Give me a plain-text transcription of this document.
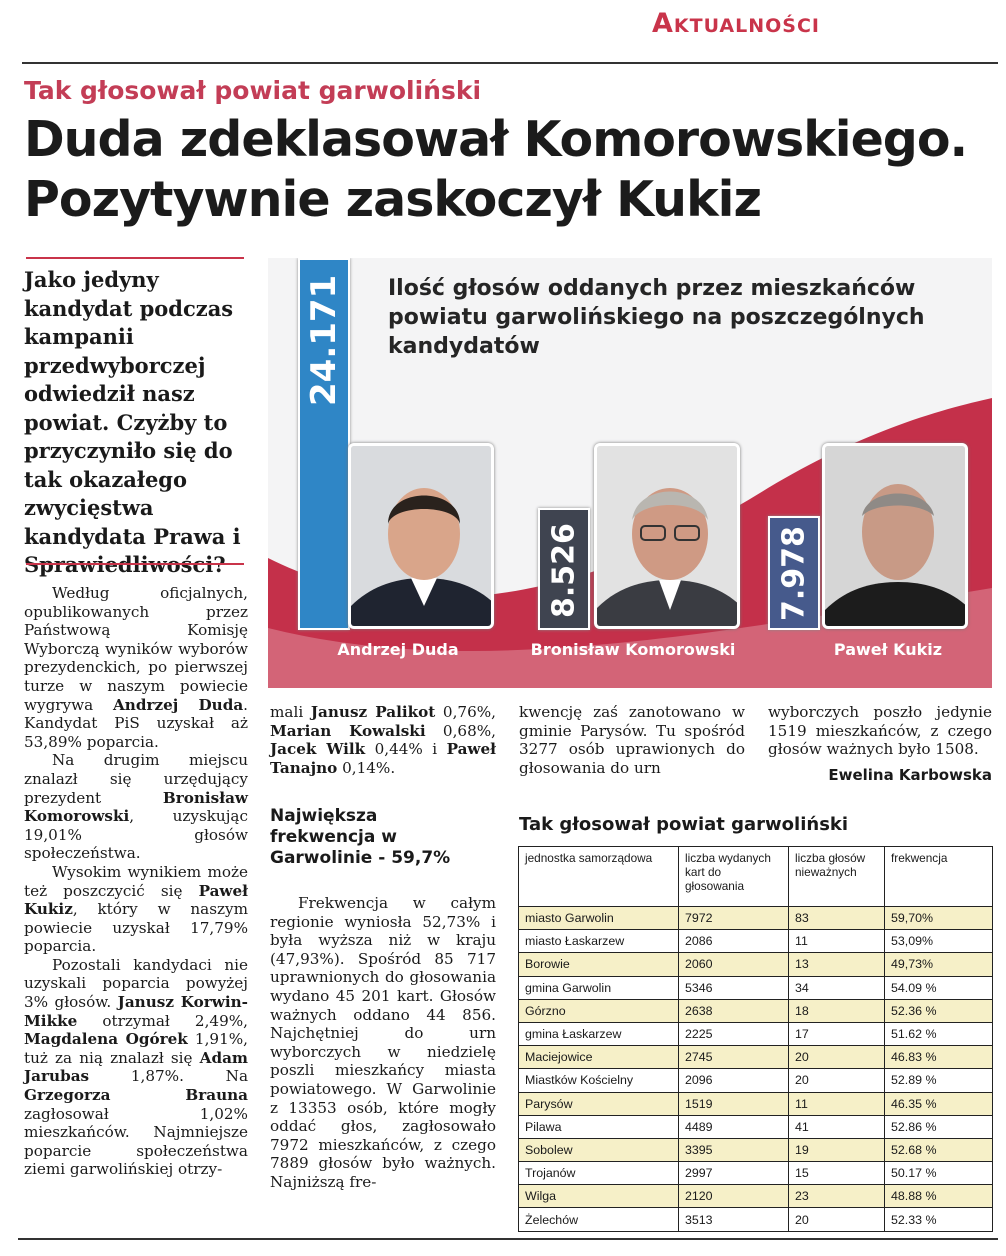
Aktualności
Tak głosował powiat garwoliński
Duda zdeklasował Komorowskiego.
Pozytywnie zaskoczył Kukiz
Jako jedyny kandydat podczas kampanii przedwyborczej odwiedził nasz powiat. Czyżby to przyczyniło się do tak okazałego zwycięstwa kandydata Prawa i Sprawiedliwości?
Ilość głosów oddanych przez mieszkańców powiatu garwolińskiego na poszczególnych kandydatów
24.171
Andrzej Duda
8.526
Bronisław Komorowski
7.978
Paweł Kukiz

Według oficjalnych, opublikowanych przez Państwową Komisję Wyborczą wyników wyborów prezydenckich, po pierwszej turze w naszym powiecie wygrywa Andrzej Duda. Kandydat PiS uzyskał aż 53,89% poparcia.

Na drugim miejscu znalazł się urzędujący prezydent Bronisław Komorowski, uzyskując 19,01% głosów społeczeństwa.

Wysokim wynikiem może też poszczycić się Paweł Kukiz, który w naszym powiecie uzyskał 17,79% poparcia.

Pozostali kandydaci nie uzyskali poparcia powyżej 3% głosów. Janusz Korwin-Mikke otrzymał 2,49%, Magdalena Ogórek 1,91%, tuż za nią znalazł się Adam Jarubas 1,87%. Na Grzegorza Brauna zagłosował 1,02% mieszkańców. Najmniejsze poparcie społeczeństwa ziemi garwolińskiej otrzy-

mali Janusz Palikot 0,76%, Marian Kowalski 0,68%, Jacek Wilk 0,44% i Paweł Tanajno 0,14%.

Największa frekwencja w Garwolinie - 59,7%

Frekwencja w całym regionie wyniosła 52,73% i była wyższa niż w kraju (47,93%). Spośród 85 717 uprawnionych do głosowania wydano 45 201 kart. Głosów ważnych oddano 44 856. Najchętniej do urn wyborczych w niedzielę poszli mieszkańcy miasta powiatowego. W Garwolinie z 13353 osób, które mogły oddać głos, zagłosowało 7972 mieszkańców, z czego 7889 głosów było ważnych. Najniższą fre-

kwencję zaś zanotowano w gminie Parysów. Tu spośród 3277 osób uprawionych do głosowania do urn

wyborczych poszło jedynie 1519 mieszkańców, z czego głosów ważnych było 1508.

Ewelina Karbowska
Tak głosował powiat garwoliński
jednostka samorządowa	liczba wydanych kart do głosowania	liczba głosów nieważnych	frekwencja
miasto Garwolin	7972	83	59,70%
miasto Łaskarzew	2086	11	53,09%
Borowie	2060	13	49,73%
gmina Garwolin	5346	34	54.09 %
Górzno	2638	18	52.36 %
gmina Łaskarzew	2225	17	51.62 %
Maciejowice	2745	20	46.83 %
Miastków Kościelny	2096	20	52.89 %
Parysów	1519	11	46.35 %
Pilawa	4489	41	52.86 %
Sobolew	3395	19	52.68 %
Trojanów	2997	15	50.17 %
Wilga	2120	23	48.88 %
Żelechów	3513	20	52.33 %
